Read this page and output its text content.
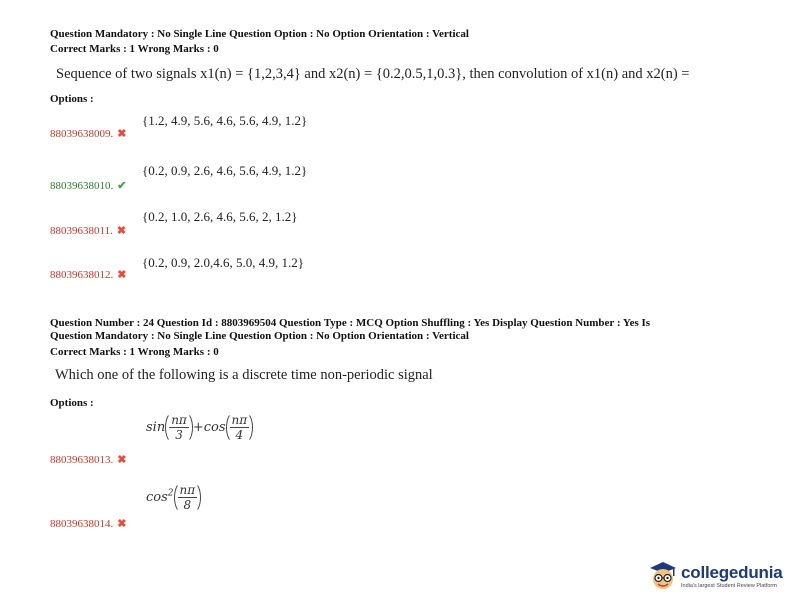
Question Mandatory : No Single Line Question Option : No Option Orientation : Vertical
Correct Marks : 1 Wrong Marks : 0
Sequence of two signals x1(n) = {1,2,3,4} and x2(n) = {0.2,0.5,1,0.3}, then convolution of x1(n) and x2(n) =
Options :
88039638009. ✖
{1.2, 4.9, 5.6, 4.6, 5.6, 4.9, 1.2}
88039638010. ✔
{0.2, 0.9, 2.6, 4.6, 5.6, 4.9, 1.2}
88039638011. ✖
{0.2, 1.0, 2.6, 4.6, 5.6, 2, 1.2}
88039638012. ✖
{0.2, 0.9, 2.0,4.6, 5.0, 4.9, 1.2}
Question Number : 24 Question Id : 8803969504 Question Type : MCQ Option Shuffling : Yes Display Question Number : Yes Is
Question Mandatory : No Single Line Question Option : No Option Orientation : Vertical
Correct Marks : 1 Wrong Marks : 0
Which one of the following is a discrete time non-periodic signal
Options :
88039638013. ✖
$\sin \frac{n\pi}{3} +\cos \frac{n\pi}{4}$
88039638014. ✖
$\cos^2 \frac{n\pi}{8}$
collegedunia
India's largest Student Review Platform
